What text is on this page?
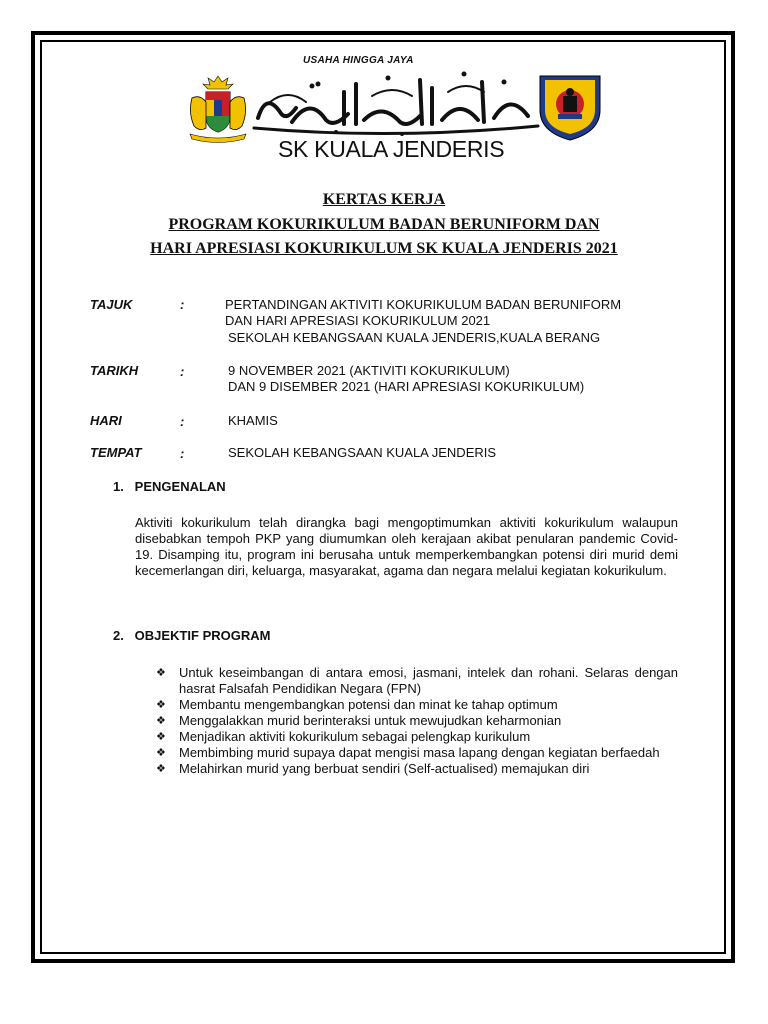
USAHA HINGGA JAYA
SK KUALA JENDERIS
KERTAS KERJA
PROGRAM KOKURIKULUM BADAN BERUNIFORM DAN
HARI APRESIASI KOKURIKULUM SK KUALA JENDERIS 2021
TAJUK	:	PERTANDINGAN AKTIVITI KOKURIKULUM BADAN BERUNIFORM
DAN HARI APRESIASI KOKURIKULUM 2021
SEKOLAH KEBANGSAAN KUALA JENDERIS,KUALA BERANG
TARIKH	:	9 NOVEMBER 2021 (AKTIVITI KOKURIKULUM)
DAN 9 DISEMBER 2021 (HARI APRESIASI KOKURIKULUM)
HARI	:	KHAMIS
TEMPAT	:	SEKOLAH KEBANGSAAN KUALA JENDERIS
1.   PENGENALAN
Aktiviti kokurikulum telah dirangka bagi mengoptimumkan aktiviti kokurikulum walaupun disebabkan tempoh PKP yang diumumkan oleh kerajaan akibat penularan pandemic Covid-19. Disamping itu, program ini berusaha untuk memperkembangkan potensi diri murid demi kecemerlangan diri, keluarga, masyarakat, agama dan negara melalui kegiatan kokurikulum.
2.   OBJEKTIF PROGRAM
❖ Untuk keseimbangan di antara emosi, jasmani, intelek dan rohani. Selaras dengan hasrat Falsafah Pendidikan Negara (FPN)
❖ Membantu mengembangkan potensi dan minat ke tahap optimum
❖ Menggalakkan murid berinteraksi untuk mewujudkan keharmonian
❖ Menjadikan aktiviti kokurikulum sebagai pelengkap kurikulum
❖ Membimbing murid supaya dapat mengisi masa lapang dengan kegiatan berfaedah
❖ Melahirkan murid yang berbuat sendiri (Self-actualised) memajukan diri
